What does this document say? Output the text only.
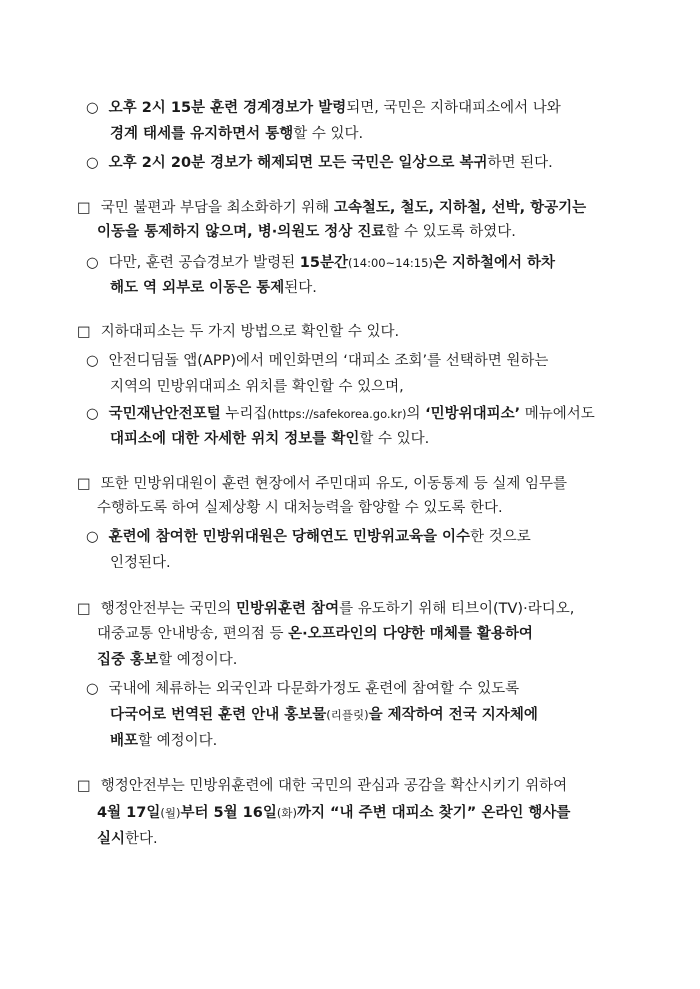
○ 오후 2시 15분 훈련 경계경보가 발령되면, 국민은 지하대피소에서 나와
경계 태세를 유지하면서 통행할 수 있다.
○ 오후 2시 20분 경보가 해제되면 모든 국민은 일상으로 복귀하면 된다.
□ 국민 불편과 부담을 최소화하기 위해 고속철도, 철도, 지하철, 선박, 항공기는
이동을 통제하지 않으며, 병·의원도 정상 진료할 수 있도록 하였다.
○ 다만, 훈련 공습경보가 발령된 15분간(14:00~14:15)은 지하철에서 하차
해도 역 외부로 이동은 통제된다.
□ 지하대피소는 두 가지 방법으로 확인할 수 있다.
○ 안전디딤돌 앱(APP)에서 메인화면의 ‘대피소 조회’를 선택하면 원하는
지역의 민방위대피소 위치를 확인할 수 있으며,
○ 국민재난안전포털 누리집(https://safekorea.go.kr)의 ‘민방위대피소’ 메뉴에서도
대피소에 대한 자세한 위치 정보를 확인할 수 있다.
□ 또한 민방위대원이 훈련 현장에서 주민대피 유도, 이동통제 등 실제 임무를
수행하도록 하여 실제상황 시 대처능력을 함양할 수 있도록 한다.
○ 훈련에 참여한 민방위대원은 당해연도 민방위교육을 이수한 것으로
인정된다.
□ 행정안전부는 국민의 민방위훈련 참여를 유도하기 위해 티브이(TV)·라디오,
대중교통 안내방송, 편의점 등 온·오프라인의 다양한 매체를 활용하여
집중 홍보할 예정이다.
○ 국내에 체류하는 외국인과 다문화가정도 훈련에 참여할 수 있도록
다국어로 번역된 훈련 안내 홍보물(리플릿)을 제작하여 전국 지자체에
배포할 예정이다.
□ 행정안전부는 민방위훈련에 대한 국민의 관심과 공감을 확산시키기 위하여
4월 17일(월)부터 5월 16일(화)까지 “내 주변 대피소 찾기” 온라인 행사를
실시한다.
